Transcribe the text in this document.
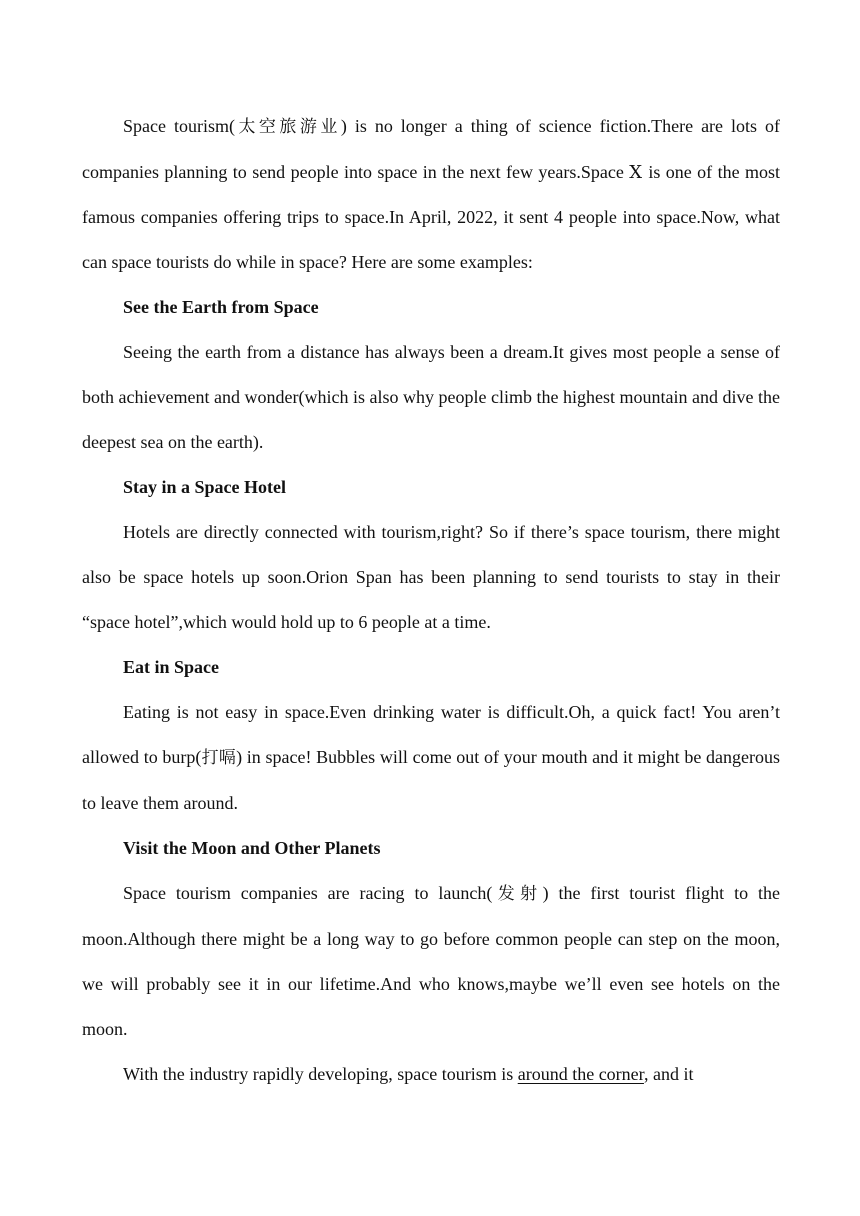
Space tourism(太空旅游业) is no longer a thing of science fiction.There are lots of companies planning to send people into space in the next few years.Space Ⅹ is one of the most famous companies offering trips to space.In April, 2022, it sent 4 people into space.Now, what can space tourists do while in space? Here are some examples:

See the Earth from Space

Seeing the earth from a distance has always been a dream.It gives most people a sense of both achievement and wonder(which is also why people climb the highest mountain and dive the deepest sea on the earth).

Stay in a Space Hotel

Hotels are directly connected with tourism,right? So if there’s space tourism, there might also be space hotels up soon.Orion Span has been planning to send tourists to stay in their “space hotel”,which would hold up to 6 people at a time.

Eat in Space

Eating is not easy in space.Even drinking water is difficult.Oh, a quick fact! You aren’t allowed to burp(打嗝) in space! Bubbles will come out of your mouth and it might be dangerous to leave them around.

Visit the Moon and Other Planets

Space tourism companies are racing to launch(发射) the first tourist flight to the moon.Although there might be a long way to go before common people can step on the moon, we will probably see it in our lifetime.And who knows,maybe we’ll even see hotels on the moon.

With the industry rapidly developing, space tourism is around the corner, and it
